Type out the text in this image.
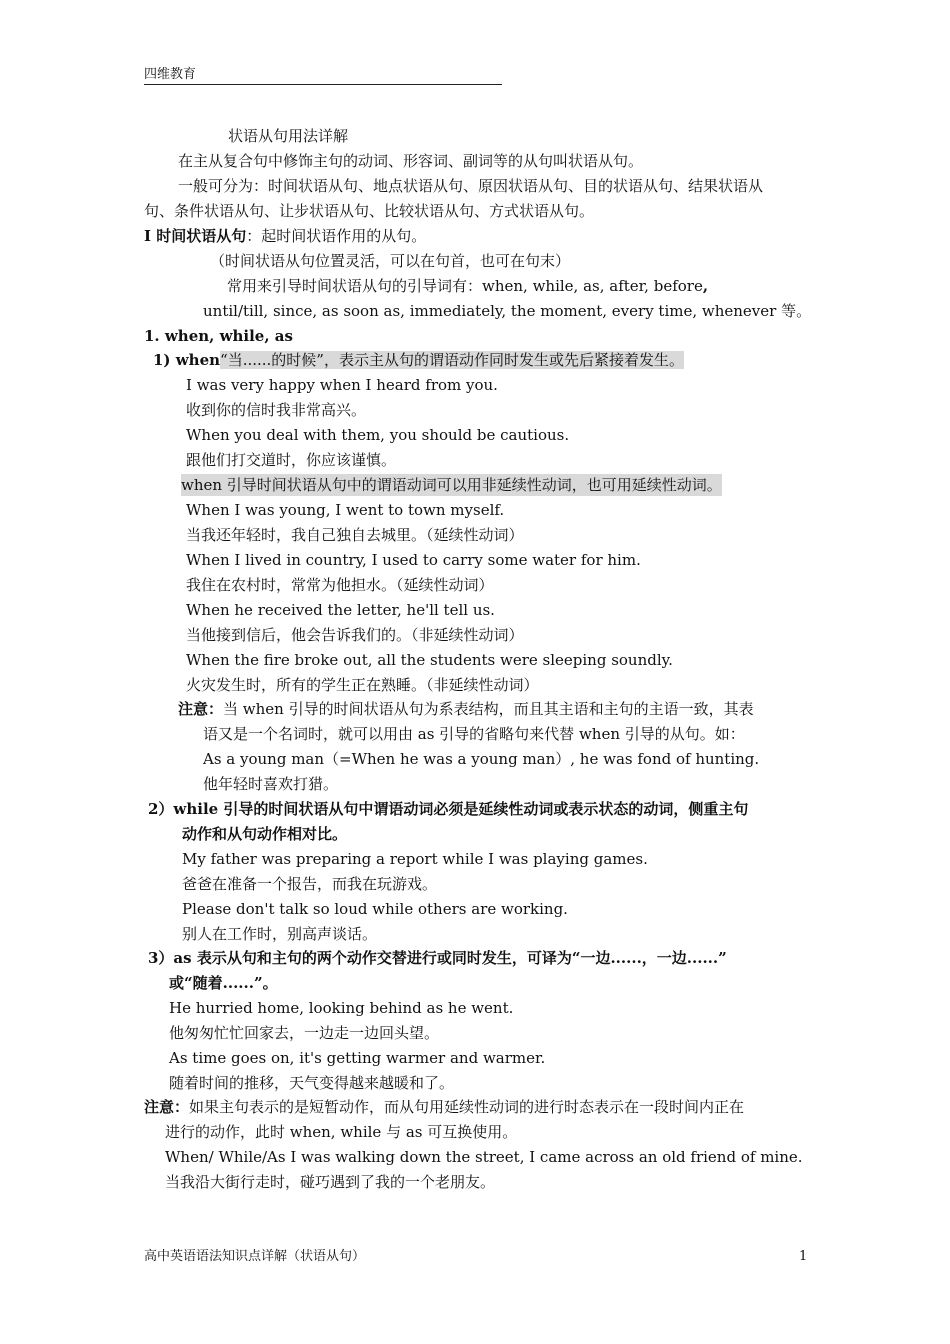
四维教育
状语从句用法详解
在主从复合句中修饰主句的动词、形容词、副词等的从句叫状语从句。
一般可分为：时间状语从句、地点状语从句、原因状语从句、目的状语从句、结果状语从
句、条件状语从句、让步状语从句、比较状语从句、方式状语从句。
I 时间状语从句：起时间状语作用的从句。
（时间状语从句位置灵活，可以在句首，也可在句末）
常用来引导时间状语从句的引导词有：when, while, as, after, before,
until/till, since, as soon as, immediately, the moment, every time, whenever 等。
1. when, while, as
1) when“当......的时候”，表示主从句的谓语动作同时发生或先后紧接着发生。
I was very happy when I heard from you.
收到你的信时我非常高兴。
When you deal with them, you should be cautious.
跟他们打交道时，你应该谨慎。
when 引导时间状语从句中的谓语动词可以用非延续性动词，也可用延续性动词。
When I was young, I went to town myself.
当我还年轻时，我自己独自去城里。（延续性动词）
When I lived in country, I used to carry some water for him.
我住在农村时，常常为他担水。（延续性动词）
When he received the letter, he'll tell us.
当他接到信后，他会告诉我们的。（非延续性动词）
When the fire broke out, all the students were sleeping soundly.
火灾发生时，所有的学生正在熟睡。（非延续性动词）
注意：当 when 引导的时间状语从句为系表结构，而且其主语和主句的主语一致，其表
语又是一个名词时，就可以用由 as 引导的省略句来代替 when 引导的从句。如：
As a young man（=When he was a young man）, he was fond of hunting.
他年轻时喜欢打猎。
2）while 引导的时间状语从句中谓语动词必须是延续性动词或表示状态的动词，侧重主句
动作和从句动作相对比。
My father was preparing a report while I was playing games.
爸爸在准备一个报告，而我在玩游戏。
Please don't talk so loud while others are working.
别人在工作时，别高声谈话。
3）as 表示从句和主句的两个动作交替进行或同时发生，可译为“一边......，一边......”
或“随着......”。
He hurried home, looking behind as he went.
他匆匆忙忙回家去，一边走一边回头望。
As time goes on, it's getting warmer and warmer.
随着时间的推移，天气变得越来越暖和了。
注意：如果主句表示的是短暂动作，而从句用延续性动词的进行时态表示在一段时间内正在
进行的动作，此时 when, while 与 as 可互换使用。
When/ While/As I was walking down the street, I came across an old friend of mine.
当我沿大街行走时，碰巧遇到了我的一个老朋友。
高中英语语法知识点详解（状语从句）	1
